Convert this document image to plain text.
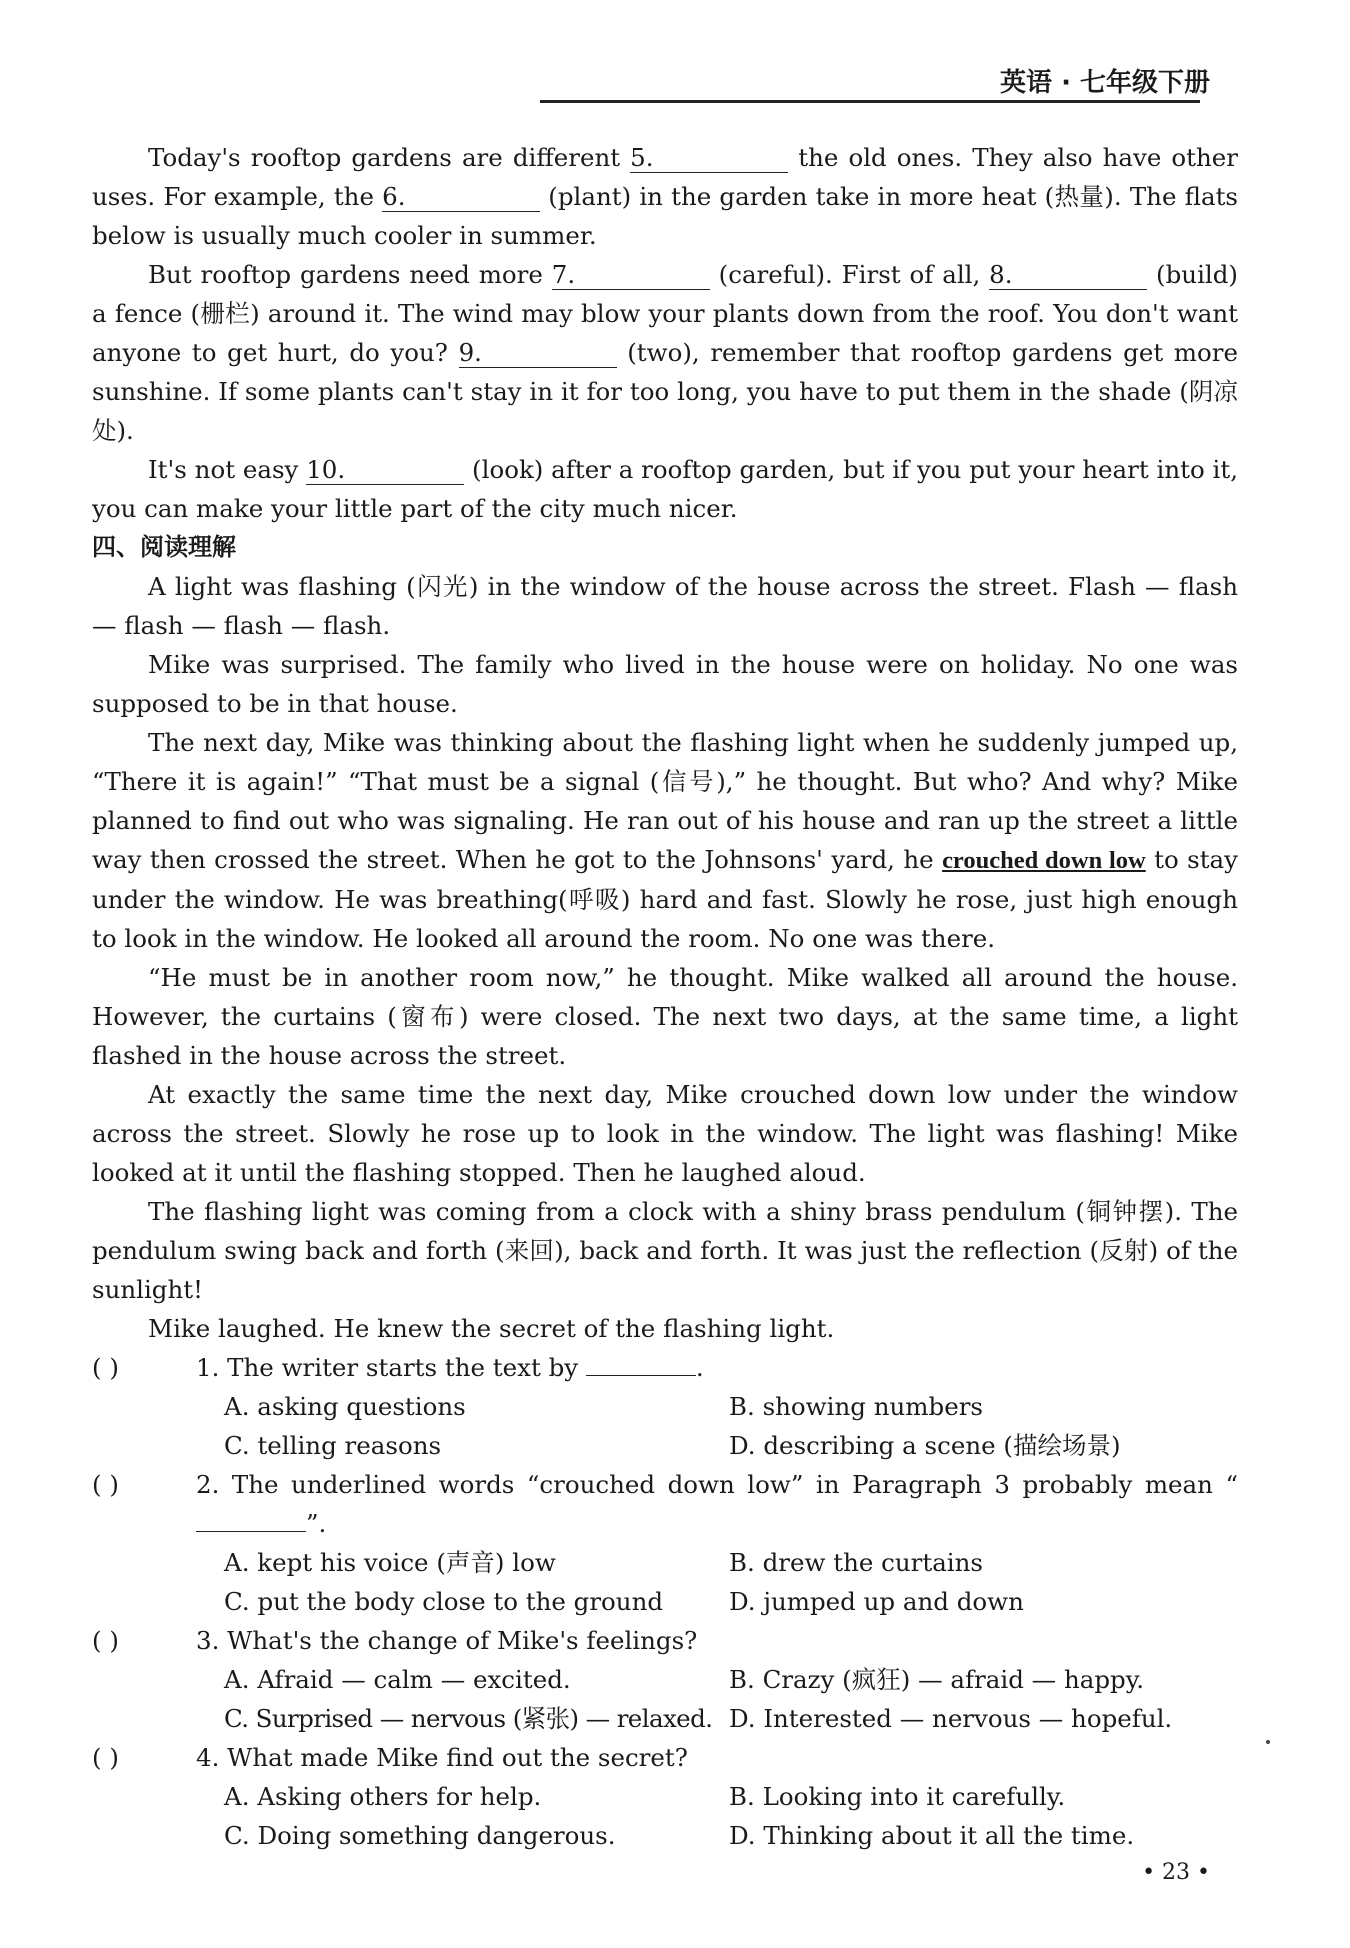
英语 · 七年级下册

Today's rooftop gardens are different 5.	the old ones. They also have other uses. For example, the 6.	(plant) in the garden take in more heat (热量). The flats below is usually much cooler in summer.

But rooftop gardens need more 7.	(careful). First of all, 8.	(build) a fence (栅栏) around it. The wind may blow your plants down from the roof. You don't want anyone to get hurt, do you? 9.	(two), remember that rooftop gardens get more sunshine. If some plants can't stay in it for too long, you have to put them in the shade (阴凉处).

It's not easy 10.	(look) after a rooftop garden, but if you put your heart into it, you can make your little part of the city much nicer.

四、阅读理解

A light was flashing (闪光) in the window of the house across the street. Flash — flash — flash — flash — flash.

Mike was surprised. The family who lived in the house were on holiday. No one was supposed to be in that house.

The next day, Mike was thinking about the flashing light when he suddenly jumped up, “There it is again!” “That must be a signal (信号),” he thought. But who? And why? Mike planned to find out who was signaling. He ran out of his house and ran up the street a little way then crossed the street. When he got to the Johnsons' yard, he crouched down low to stay under the window. He was breathing(呼吸) hard and fast. Slowly he rose, just high enough to look in the window. He looked all around the room. No one was there.

“He must be in another room now,” he thought. Mike walked all around the house. However, the curtains (窗布) were closed. The next two days, at the same time, a light flashed in the house across the street.

At exactly the same time the next day, Mike crouched down low under the window across the street. Slowly he rose up to look in the window. The light was flashing! Mike looked at it until the flashing stopped. Then he laughed aloud.

The flashing light was coming from a clock with a shiny brass pendulum (铜钟摆). The pendulum swing back and forth (来回), back and forth. It was just the reflection (反射) of the sunlight!

Mike laughed. He knew the secret of the flashing light.

( )	1. The writer starts the text by	.
A. asking questions	B. showing numbers
C. telling reasons	D. describing a scene (描绘场景)
( )	2. The underlined words “crouched down low” in Paragraph 3 probably mean “”.
A. kept his voice (声音) low	B. drew the curtains
C. put the body close to the ground	D. jumped up and down
( )	3. What's the change of Mike's feelings?
A. Afraid — calm — excited.	B. Crazy (疯狂) — afraid — happy.
C. Surprised — nervous (紧张) — relaxed. D. Interested — nervous — hopeful.
( )	4. What made Mike find out the secret?
A. Asking others for help.	B. Looking into it carefully.
C. Doing something dangerous.	D. Thinking about it all the time.
• 23 •
